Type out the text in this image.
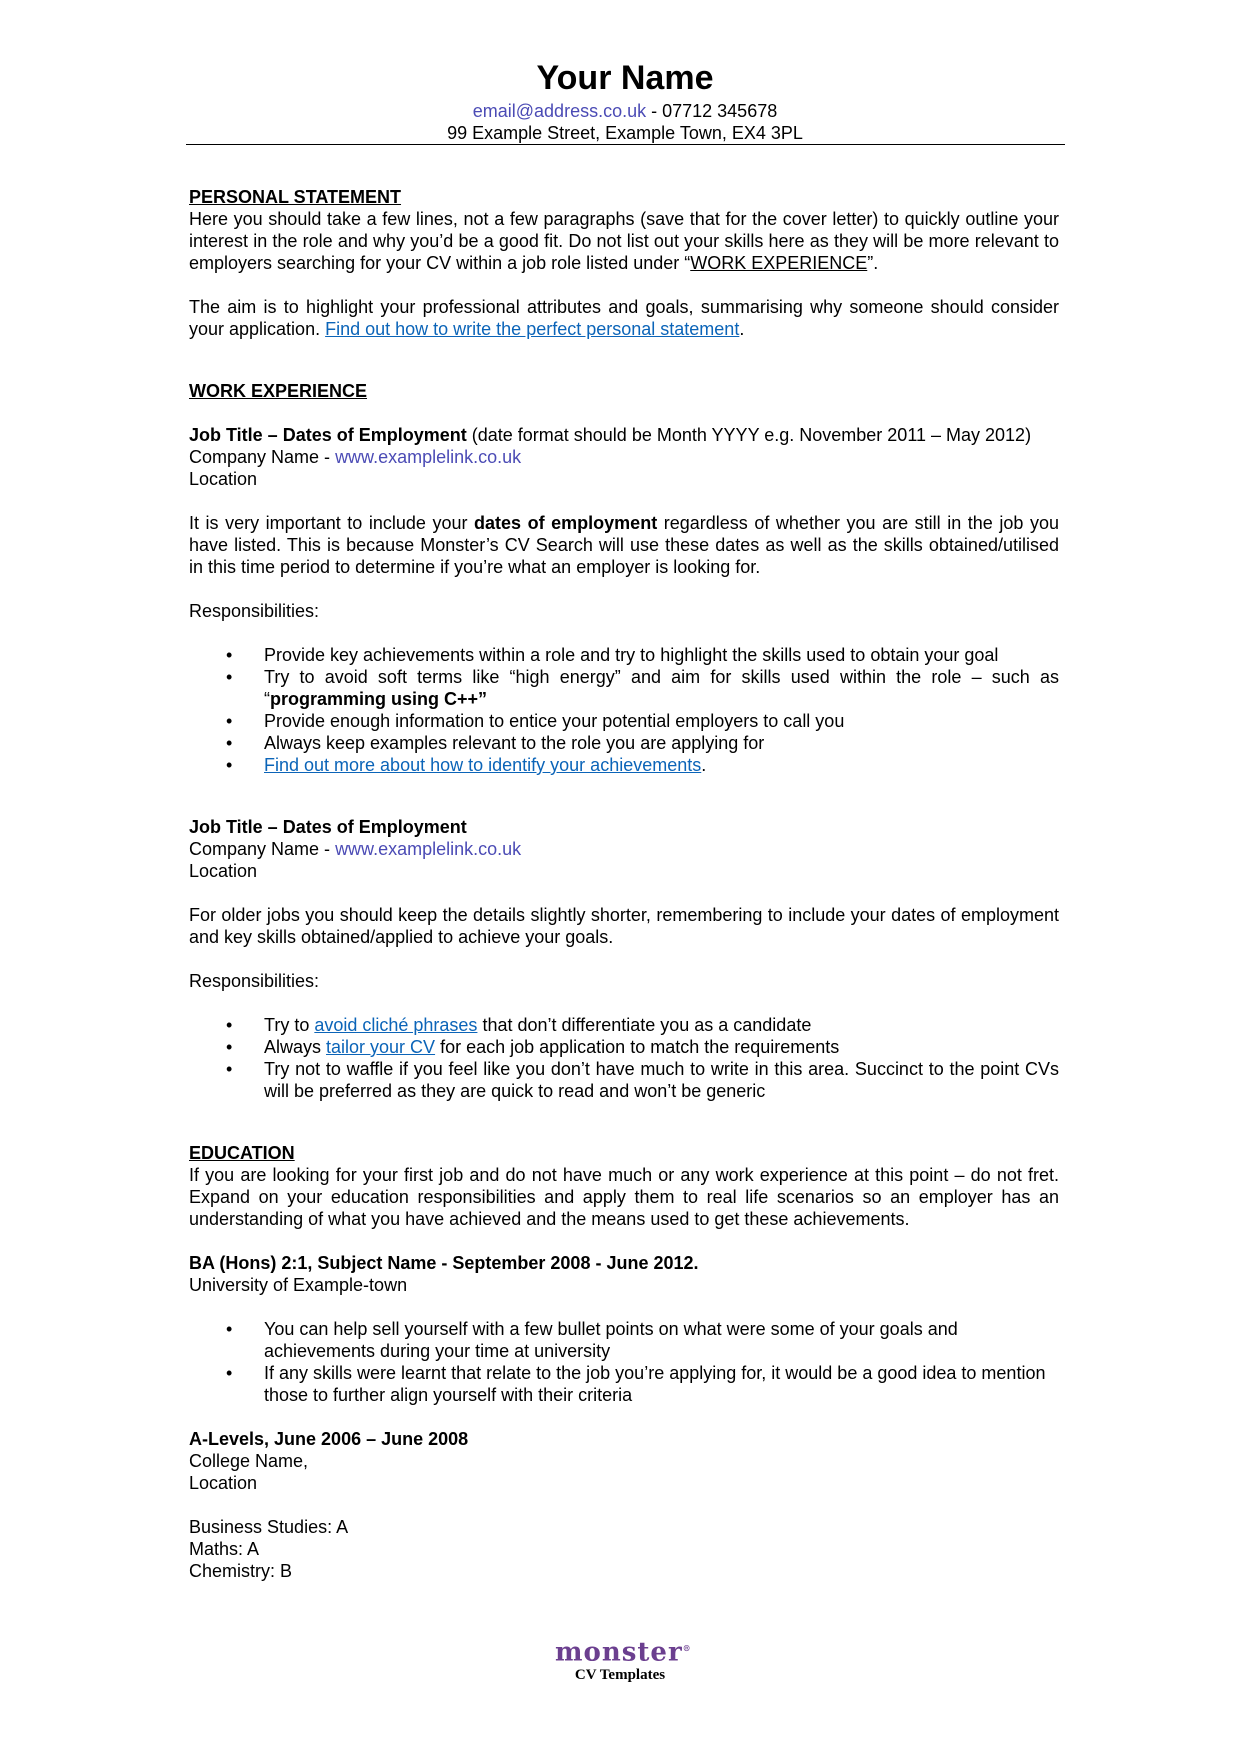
Your Name
email@address.co.uk - 07712 345678
99 Example Street, Example Town, EX4 3PL
PERSONAL STATEMENT

Here you should take a few lines, not a few paragraphs (save that for the cover letter) to quickly outline your interest in the role and why you’d be a good fit. Do not list out your skills here as they will be more relevant to employers searching for your CV within a job role listed under “WORK EXPERIENCE”.

The aim is to highlight your professional attributes and goals, summarising why someone should consider your application. Find out how to write the perfect personal statement.

WORK EXPERIENCE
Job Title – Dates of Employment (date format should be Month YYYY e.g. November 2011 – May 2012)
Company Name - www.examplelink.co.uk
Location

It is very important to include your dates of employment regardless of whether you are still in the job you have listed. This is because Monster’s CV Search will use these dates as well as the skills obtained/utilised in this time period to determine if you’re what an employer is looking for.

Responsibilities:
• Provide key achievements within a role and try to highlight the skills used to obtain your goal
• Try to avoid soft terms like “high energy” and aim for skills used within the role – such as “programming using C++”
• Provide enough information to entice your potential employers to call you
• Always keep examples relevant to the role you are applying for
• Find out more about how to identify your achievements.
Job Title – Dates of Employment
Company Name - www.examplelink.co.uk
Location

For older jobs you should keep the details slightly shorter, remembering to include your dates of employment and key skills obtained/applied to achieve your goals.

Responsibilities:
• Try to avoid cliché phrases that don’t differentiate you as a candidate
• Always tailor your CV for each job application to match the requirements
• Try not to waffle if you feel like you don’t have much to write in this area. Succinct to the point CVs will be preferred as they are quick to read and won’t be generic
EDUCATION

If you are looking for your first job and do not have much or any work experience at this point – do not fret. Expand on your education responsibilities and apply them to real life scenarios so an employer has an understanding of what you have achieved and the means used to get these achievements.

BA (Hons) 2:1, Subject Name - September 2008 - June 2012.
University of Example-town
• You can help sell yourself with a few bullet points on what were some of your goals and achievements during your time at university
• If any skills were learnt that relate to the job you’re applying for, it would be a good idea to mention those to further align yourself with their criteria
A-Levels, June 2006 – June 2008
College Name,
Location
Business Studies: A
Maths: A
Chemistry: B
monster®
CV Templates
